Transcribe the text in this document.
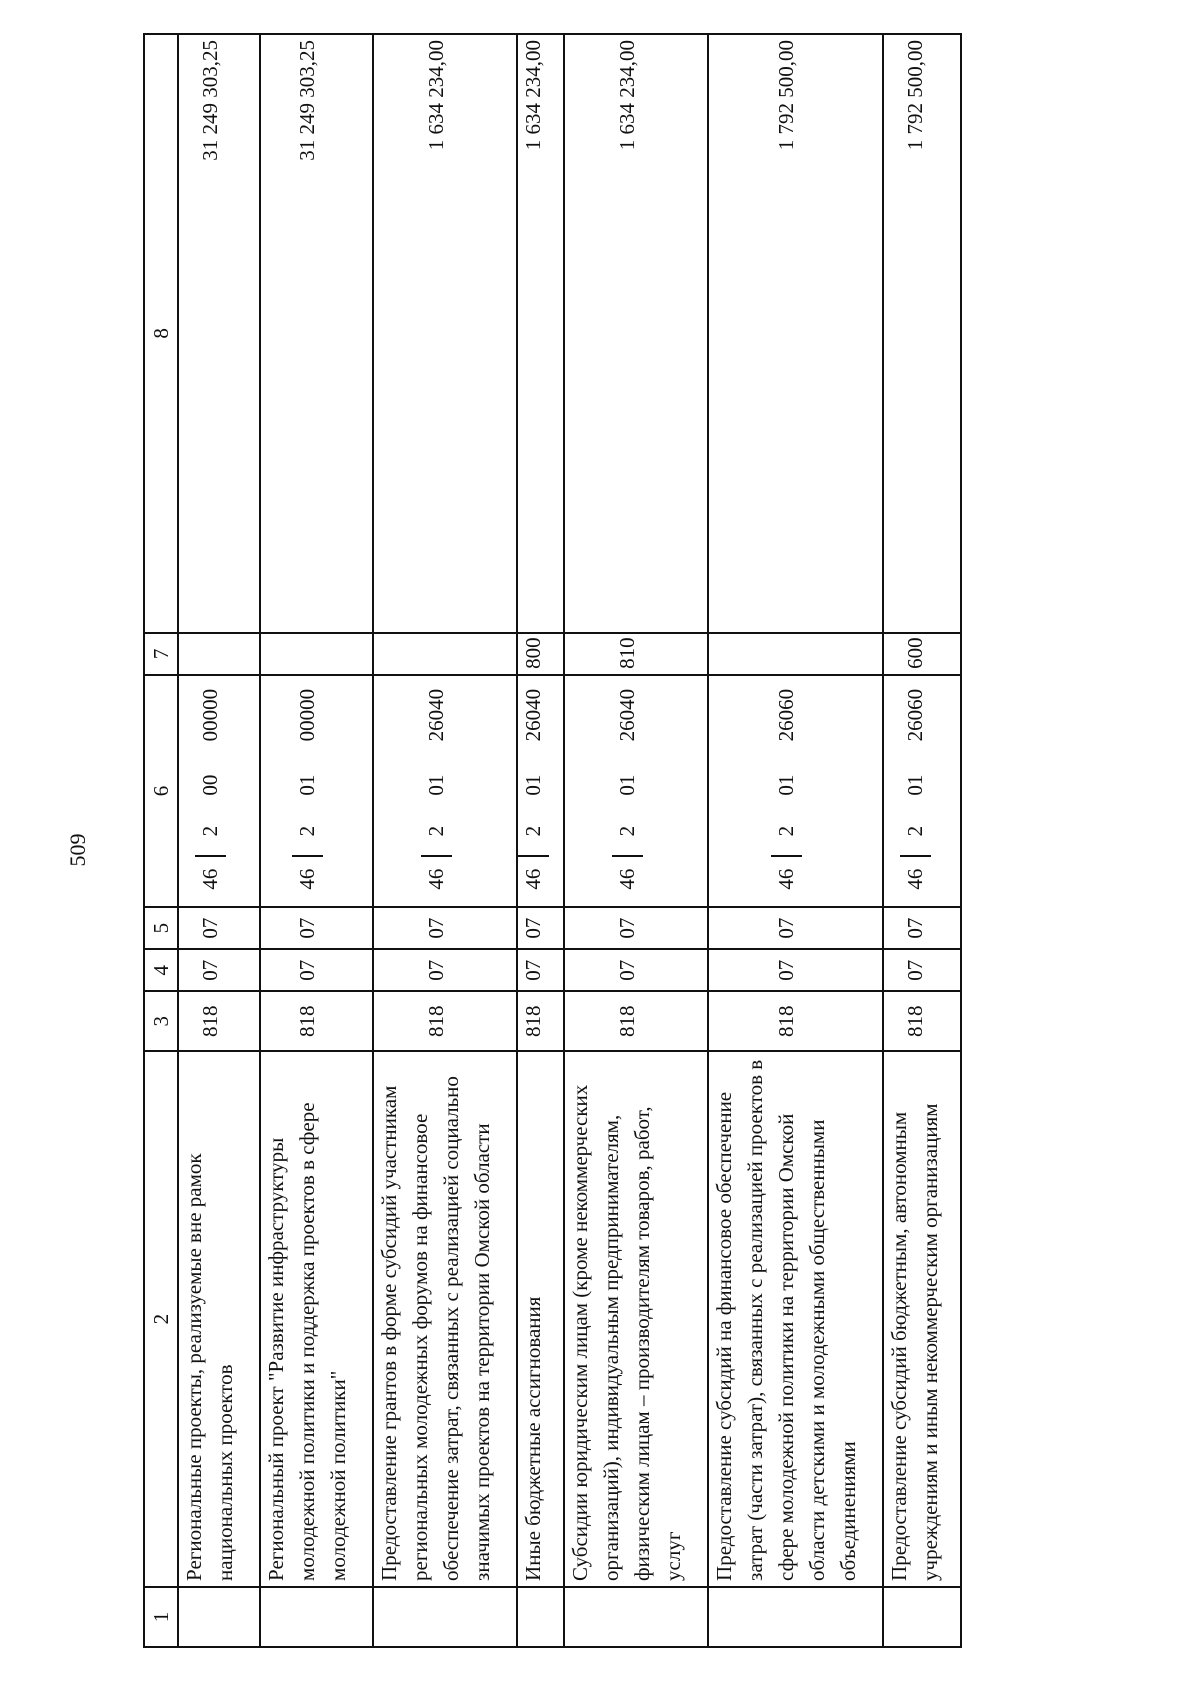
509
1	2	3	4	5	6	7	8
	Региональные проекты, реализуемые вне рамок национальных проектов	818	07	07	4620000000		31 249 303,25

	Региональный проект "Развитие инфраструктуры молодежной политики и поддержка проектов в сфере молодежной политики"	818	07	07	4620100000		31 249 303,25

	Предоставление грантов в форме субсидий участникам региональных молодежных форумов на финансовое обеспечение затрат, связанных с реализацией социально значимых проектов на территории Омской области	818	07	07	4620126040		1 634 234,00

	Иные бюджетные ассигнования	818	07	07	4620126040	800	1 634 234,00

	Субсидии юридическим лицам (кроме некоммерческих организаций), индивидуальным предпринимателям, физическим лицам – производителям товаров, работ, услуг	818	07	07	4620126040	810	1 634 234,00

	Предоставление субсидий на финансовое обеспечение затрат (части затрат), связанных с реализацией проектов в сфере молодежной политики на территории Омской области детскими и молодежными общественными объединениями	818	07	07	4620126060		1 792 500,00

	Предоставление субсидий бюджетным, автономным учреждениям и иным некоммерческим организациям	818	07	07	4620126060	600	1 792 500,00
